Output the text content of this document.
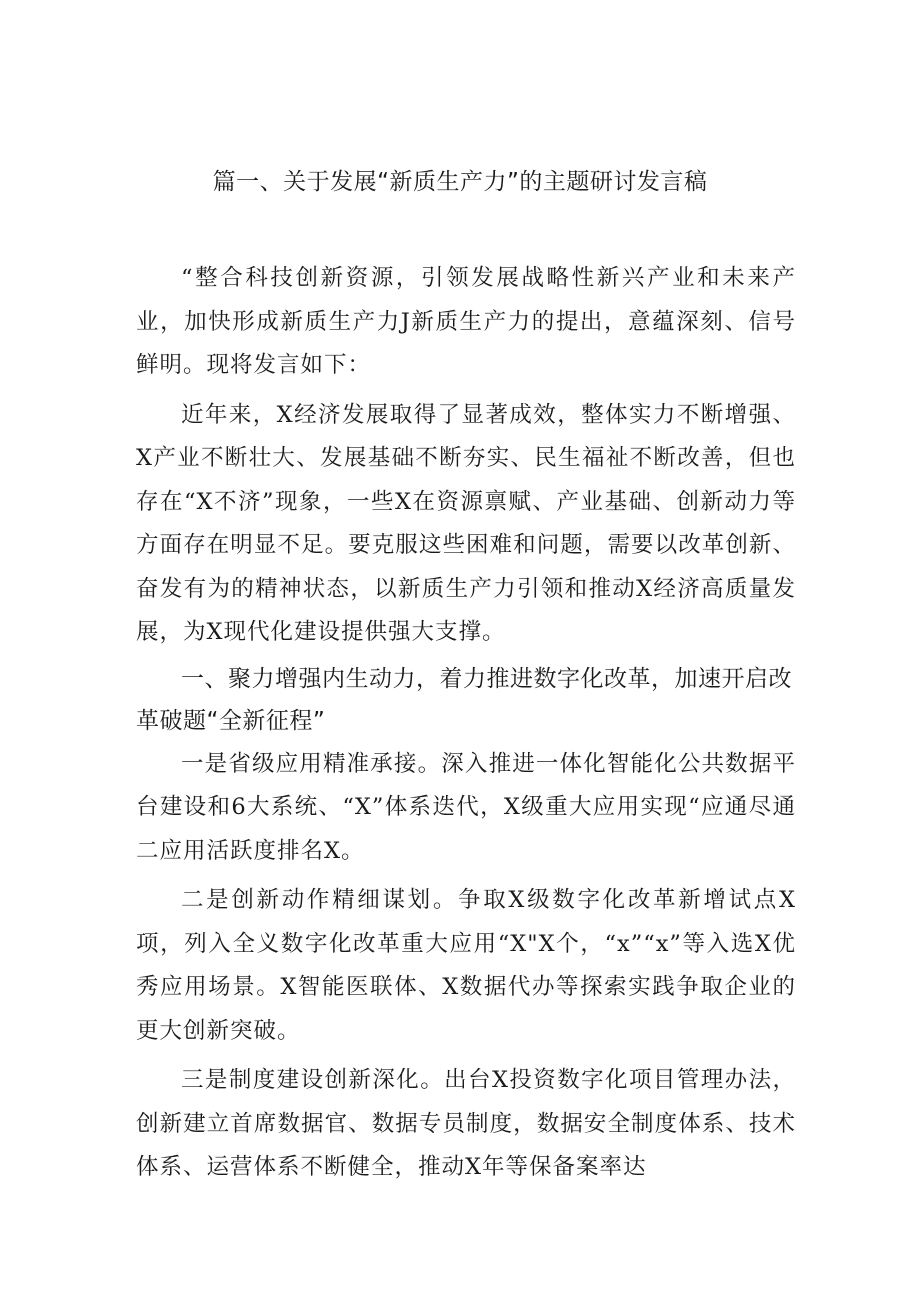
篇一、关于发展“新质生产力”的主题研讨发言稿

“整合科技创新资源，引领发展战略性新兴产业和未来产业，加快形成新质生产力J新质生产力的提出，意蕴深刻、信号鲜明。现将发言如下：

近年来，X经济发展取得了显著成效，整体实力不断增强、X产业不断壮大、发展基础不断夯实、民生福祉不断改善，但也存在“X不济”现象，一些X在资源禀赋、产业基础、创新动力等方面存在明显不足。要克服这些困难和问题，需要以改革创新、奋发有为的精神状态，以新质生产力引领和推动X经济高质量发展，为X现代化建设提供强大支撑。

一、聚力增强内生动力，着力推进数字化改革，加速开启改革破题“全新征程”

一是省级应用精准承接。深入推进一体化智能化公共数据平台建设和6大系统、“X”体系迭代，X级重大应用实现“应通尽通二应用活跃度排名X。

二是创新动作精细谋划。争取X级数字化改革新增试点X项，列入全义数字化改革重大应用“X"X个，“x”“x”等入选X优秀应用场景。X智能医联体、X数据代办等探索实践争取企业的更大创新突破。

三是制度建设创新深化。出台X投资数字化项目管理办法，创新建立首席数据官、数据专员制度，数据安全制度体系、技术体系、运营体系不断健全，推动X年等保备案率达
